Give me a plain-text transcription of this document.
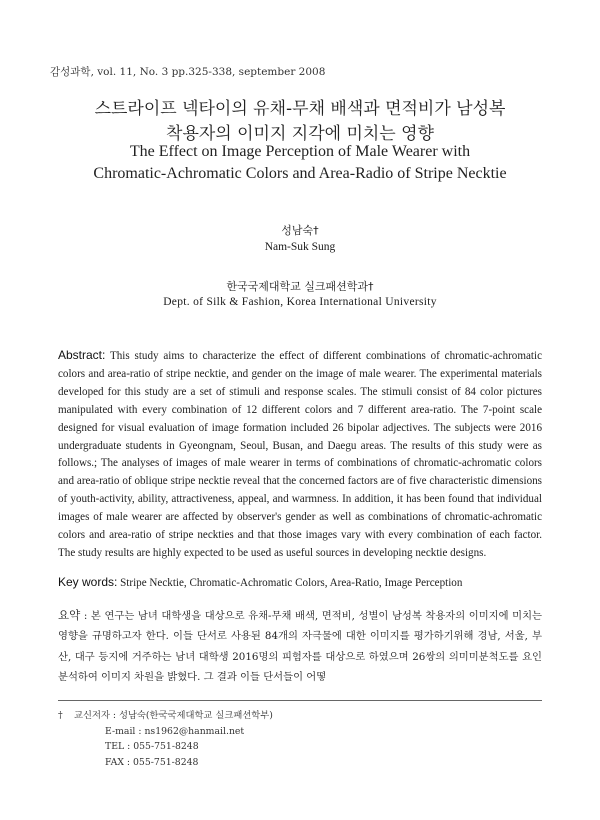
감성과학, vol. 11, No. 3 pp.325-338, september 2008
스트라이프 넥타이의 유채-무채 배색과 면적비가 남성복
착용자의 이미지 지각에 미치는 영향
The Effect on Image Perception of Male Wearer with
Chromatic-Achromatic Colors and Area-Radio of Stripe Necktie
성남숙†
Nam-Suk Sung
한국국제대학교 실크패션학과†
Dept. of Silk & Fashion, Korea International University
Abstract: This study aims to characterize the effect of different combinations of chromatic-achromatic colors and area-ratio of stripe necktie, and gender on the image of male wearer. The experimental materials developed for this study are a set of stimuli and response scales. The stimuli consist of 84 color pictures manipulated with every combination of 12 different colors and 7 different area-ratio. The 7-point scale designed for visual evaluation of image formation included 26 bipolar adjectives. The subjects were 2016 undergraduate students in Gyeongnam, Seoul, Busan, and Daegu areas. The results of this study were as follows.; The analyses of images of male wearer in terms of combinations of chromatic-achromatic colors and area-ratio of oblique stripe necktie reveal that the concerned factors are of five characteristic dimensions of youth-activity, ability, attractiveness, appeal, and warmness. In addition, it has been found that individual images of male wearer are affected by observer's gender as well as combinations of chromatic-achromatic colors and area-ratio of stripe neckties and that those images vary with every combination of each factor. The study results are highly expected to be used as useful sources in developing necktie designs.
Key words: Stripe Necktie, Chromatic-Achromatic Colors, Area-Ratio, Image Perception
요약 : 본 연구는 남녀 대학생을 대상으로 유채-무채 배색, 면적비, 성별이 남성복 착용자의 이미지에 미치는 영향을 규명하고자 한다. 이들 단서로 사용된 84개의 자극물에 대한 이미지를 평가하기위해 경남, 서울, 부산, 대구 등지에 거주하는 남녀 대학생 2016명의 피험자를 대상으로 하였으며 26쌍의 의미미분척도를 요인 분석하여 이미지 차원을 밝혔다. 그 결과 이들 단서들이 어떻
†	교신저자 : 성남숙(한국국제대학교 실크패션학부)
E-mail : ns1962@hanmail.net
TEL : 055-751-8248
FAX : 055-751-8248
